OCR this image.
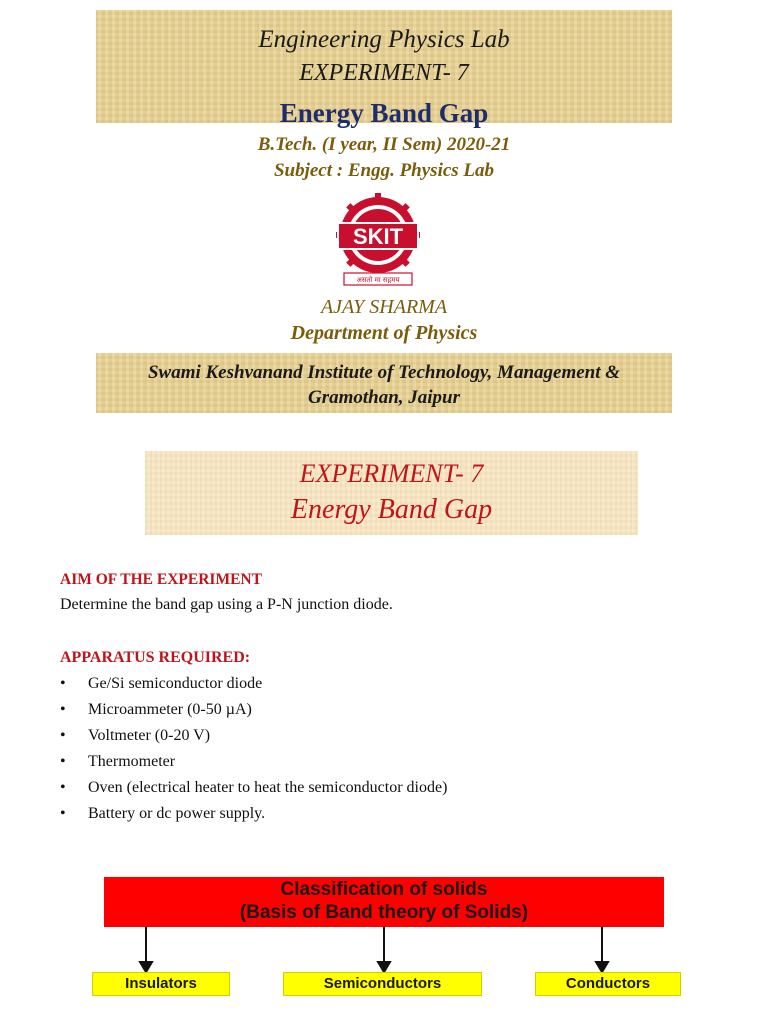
Engineering Physics Lab
EXPERIMENT- 7
Energy Band Gap
B.Tech. (I year, II Sem) 2020-21
Subject : Engg. Physics Lab
SKIT
असतो मा सद्गमय
AJAY SHARMA
Department of Physics
Swami Keshvanand Institute of Technology, Management &
Gramothan, Jaipur
EXPERIMENT- 7
Energy Band Gap
AIM OF THE EXPERIMENT
Determine the band gap using a P-N junction diode.
APPARATUS REQUIRED:
• Ge/Si semiconductor diode
• Microammeter (0-50 µA)
• Voltmeter (0-20 V)
• Thermometer
• Oven (electrical heater to heat the semiconductor diode)
• Battery or dc power supply.
Classification of solids
(Basis of Band theory of Solids)
Insulators	Semiconductors	Conductors
